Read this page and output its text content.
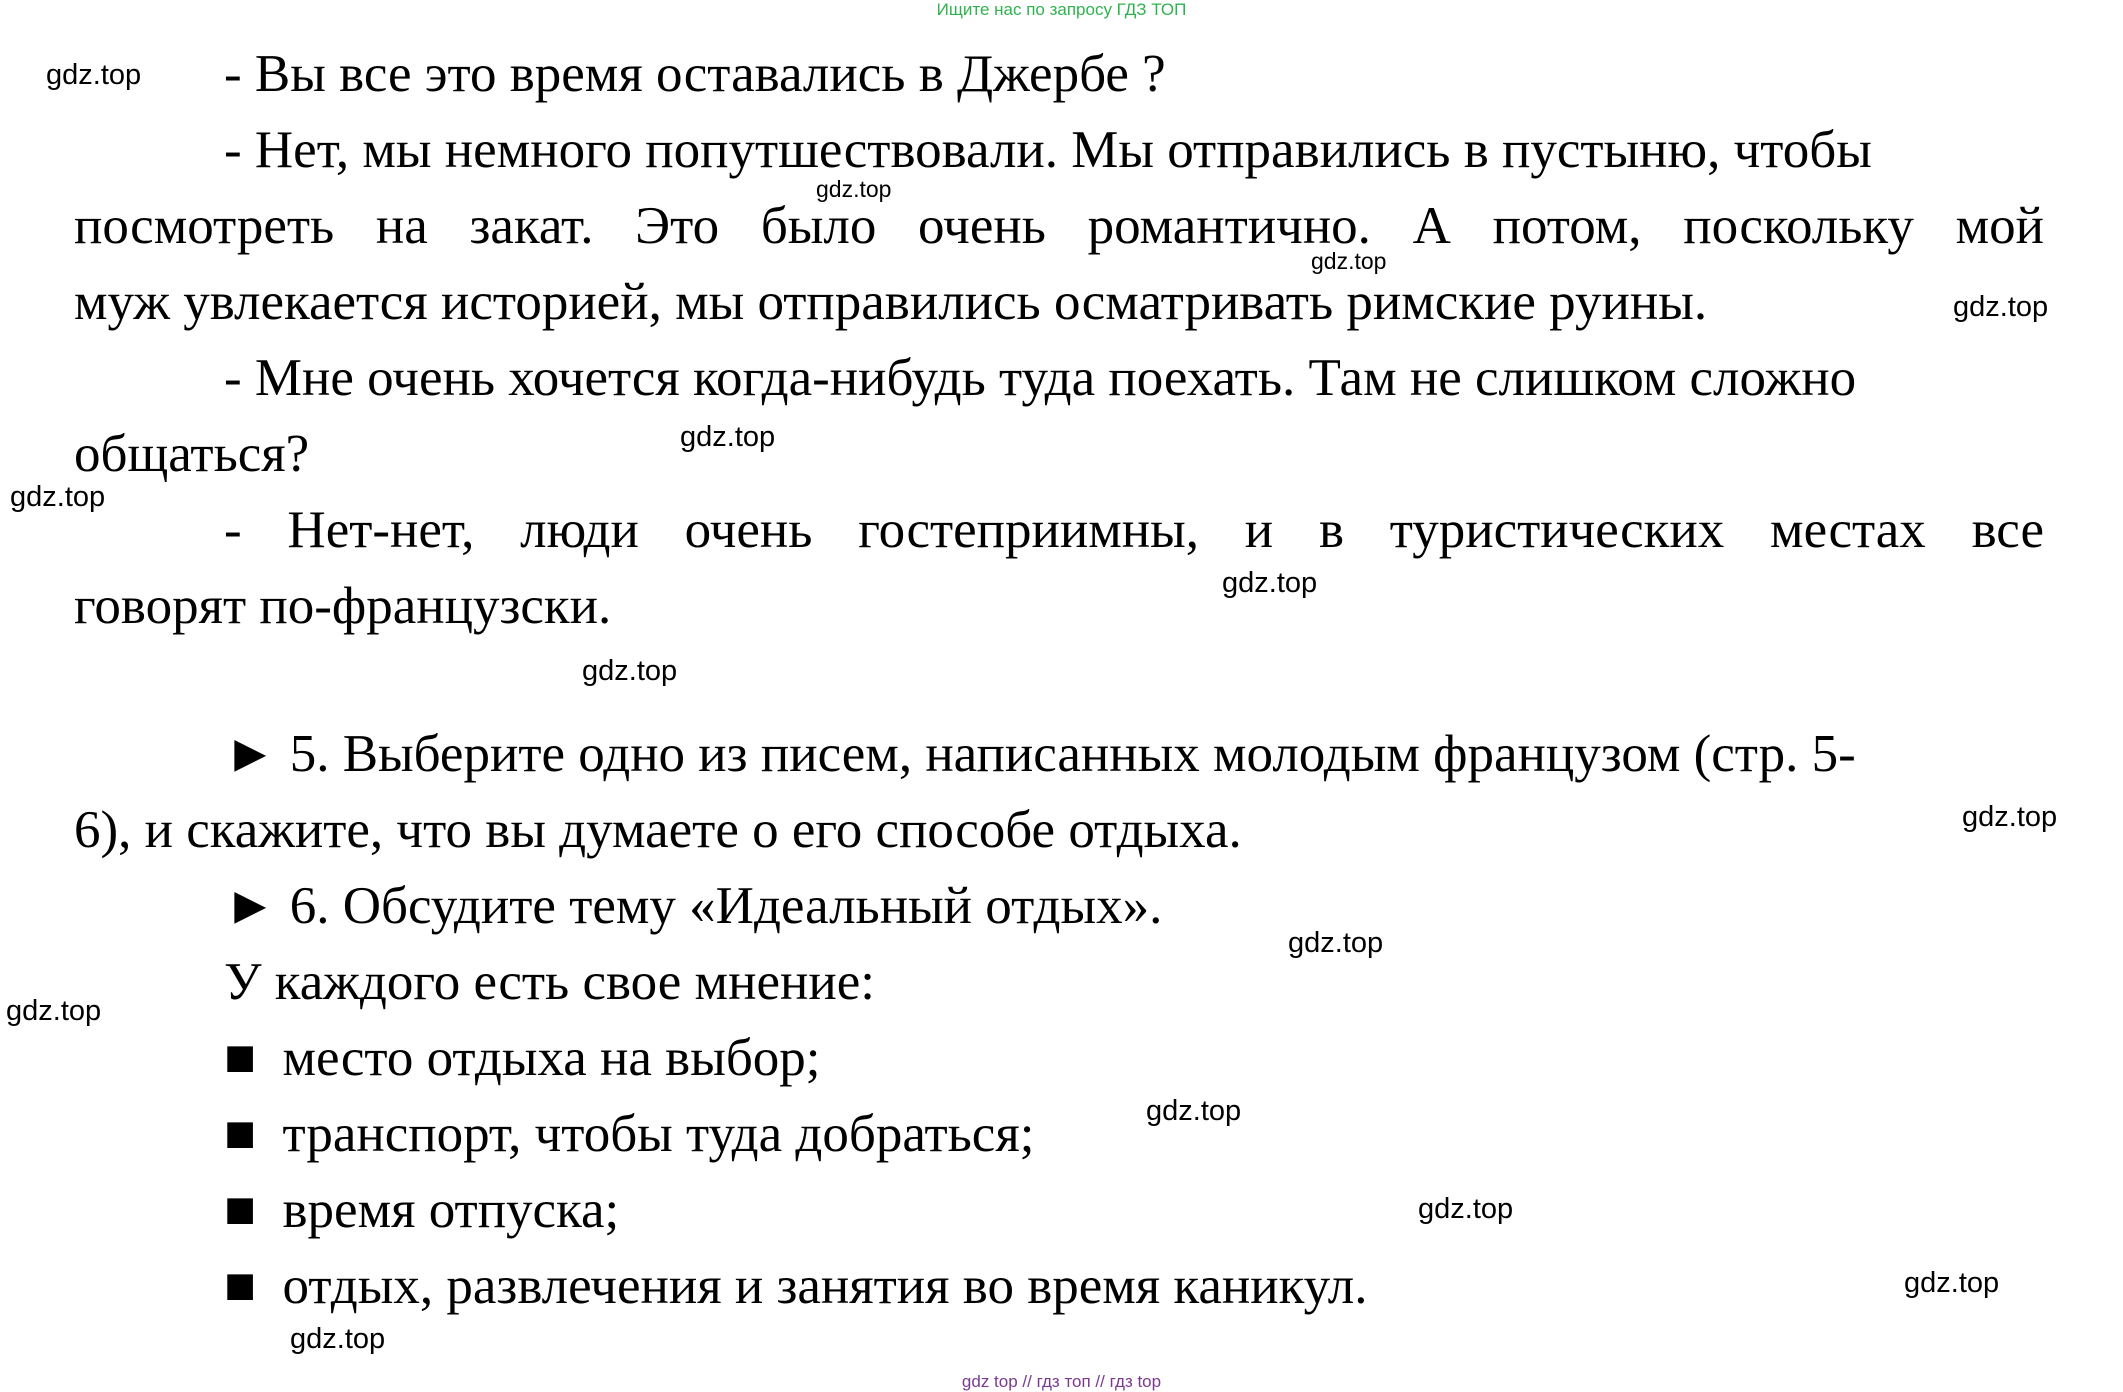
Ищите нас по запросу ГДЗ ТОП

- Вы все это время оставались в Джербе ?

- Нет, мы немного попутшествовали. Мы отправились в пустыню, чтобы

посмотреть на закат. Это было очень романтично. А потом, поскольку мой

муж увлекается историей, мы отправились осматривать римские руины.

- Мне очень хочется когда-нибудь туда поехать. Там не слишком сложно

общаться?

- Нет-нет, люди очень гостеприимны, и в туристических местах все

говорят по-французски.

► 5. Выберите одно из писем, написанных молодым французом (стр. 5-

6), и скажите, что вы думаете о его способе отдыха.

► 6. Обсудите тему «Идеальный отдых».

У каждого есть свое мнение:

■ место отдыха на выбор;
■ транспорт, чтобы туда добраться;
■ время отпуска;
■ отдых, развлечения и занятия во время каникул.
gdz.top
gdz.top
gdz.top
gdz.top
gdz.top
gdz.top
gdz.top
gdz.top
gdz.top
gdz.top
gdz.top
gdz.top
gdz.top
gdz.top
gdz.top
gdz top // гдз топ // гдз top
